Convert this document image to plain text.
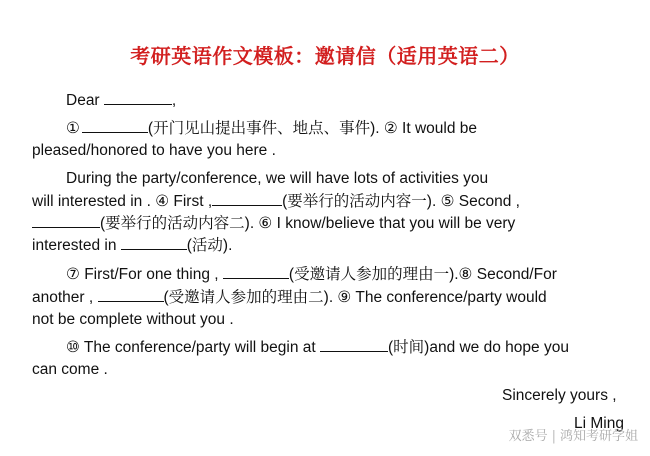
考研英语作文模板：邀请信（适用英语二）
Dear	,
①	(开门见山提出事件、地点、事件). ② It would be
pleased/honored to have you here .
During the party/conference, we will have lots of activities you
will interested in . ④ First ,	(要举行的活动内容一). ⑤ Second ,
(要举行的活动内容二). ⑥ I know/believe that you will be very
interested in	(活动).
⑦ First/For one thing ,	(受邀请人参加的理由一).⑧ Second/For
another ,	(受邀请人参加的理由二). ⑨ The conference/party would
not be complete without you .
⑩ The conference/party will begin at	(时间)and we do hope you
can come .
Sincerely yours ,
Li Ming
双悉号 | 鸿知考研学姐
